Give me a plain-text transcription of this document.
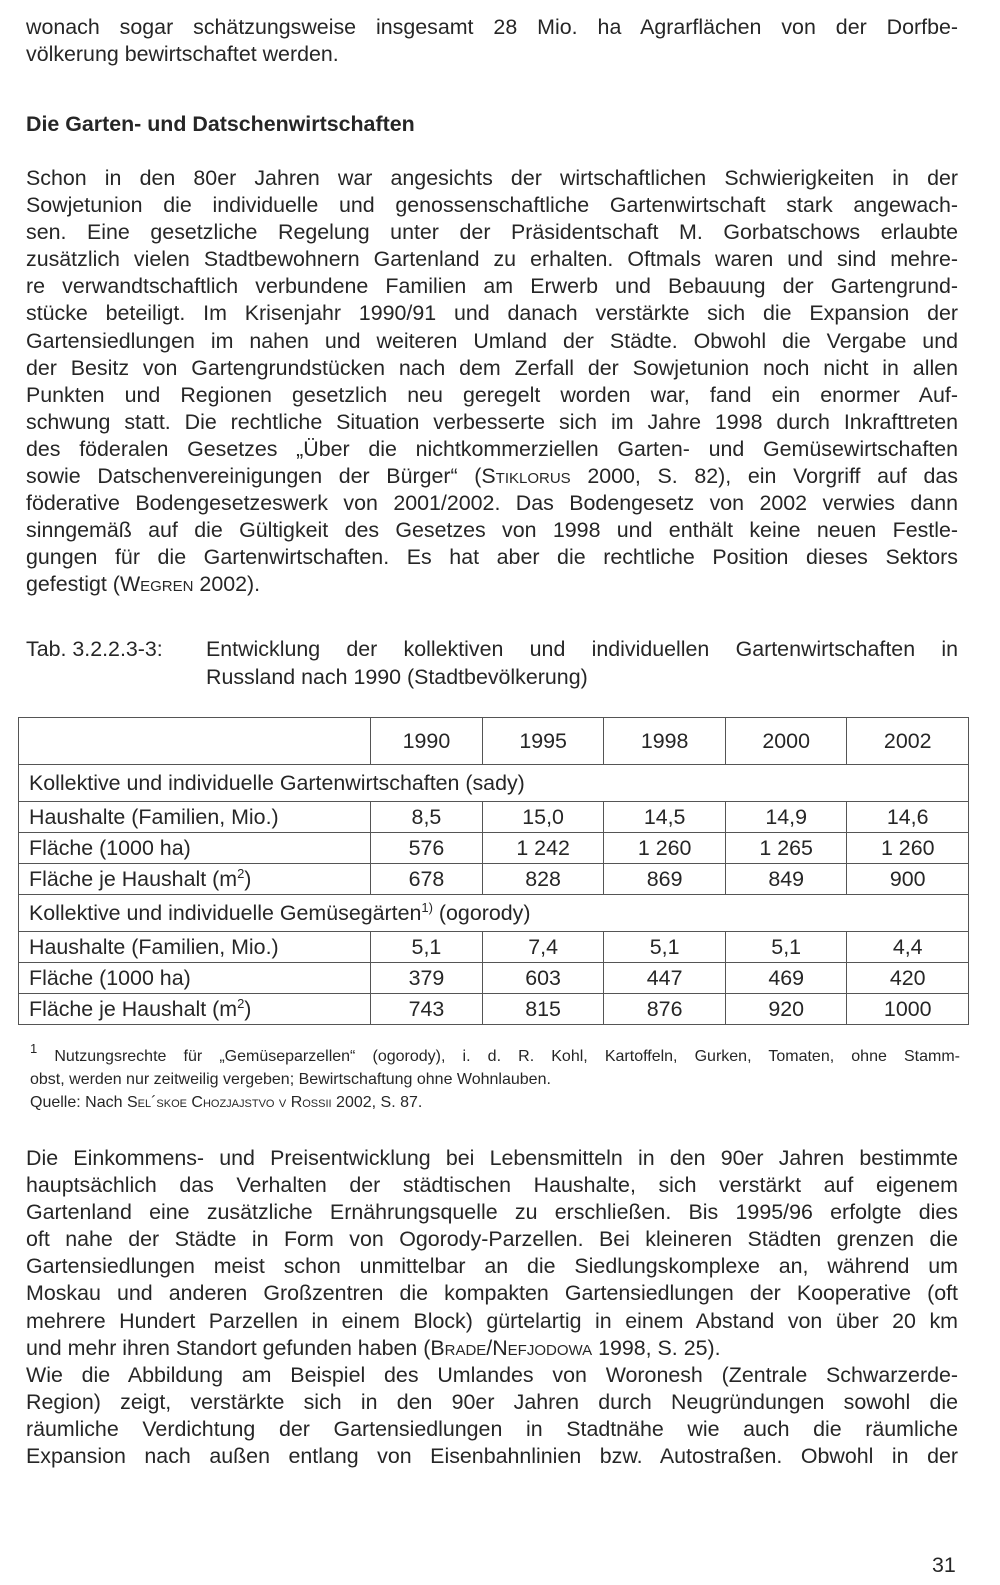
wonach sogar schätzungsweise insgesamt 28 Mio. ha Agrarflächen von der Dorfbe-
völkerung bewirtschaftet werden.
Die Garten- und Datschenwirtschaften
Schon in den 80er Jahren war angesichts der wirtschaftlichen Schwierigkeiten in der
Sowjetunion die individuelle und genossenschaftliche Gartenwirtschaft stark angewach-
sen. Eine gesetzliche Regelung unter der Präsidentschaft M. Gorbatschows erlaubte
zusätzlich vielen Stadtbewohnern Gartenland zu erhalten. Oftmals waren und sind mehre-
re verwandtschaftlich verbundene Familien am Erwerb und Bebauung der Gartengrund-
stücke beteiligt. Im Krisenjahr 1990/91 und danach verstärkte sich die Expansion der
Gartensiedlungen im nahen und weiteren Umland der Städte. Obwohl die Vergabe und
der Besitz von Gartengrundstücken nach dem Zerfall der Sowjetunion noch nicht in allen
Punkten und Regionen gesetzlich neu geregelt worden war, fand ein enormer Auf-
schwung statt. Die rechtliche Situation verbesserte sich im Jahre 1998 durch Inkrafttreten
des föderalen Gesetzes „Über die nichtkommerziellen Garten- und Gemüsewirtschaften
sowie Datschenvereinigungen der Bürger“ (Stiklorus 2000, S. 82), ein Vorgriff auf das
föderative Bodengesetzeswerk von 2001/2002. Das Bodengesetz von 2002 verwies dann
sinngemäß auf die Gültigkeit des Gesetzes von 1998 und enthält keine neuen Festle-
gungen für die Gartenwirtschaften. Es hat aber die rechtliche Position dieses Sektors
gefestigt (Wegren 2002).
Tab. 3.2.2.3-3: Entwicklung der kollektiven und individuellen Gartenwirtschaften in
Russland nach 1990 (Stadtbevölkerung)
	1990	1995	1998	2000	2002
Kollektive und individuelle Gartenwirtschaften (sady)					
Haushalte (Familien, Mio.)	8,5	15,0	14,5	14,9	14,6
Fläche (1000 ha)	576	1 242	1 260	1 265	1 260
Fläche je Haushalt $(m^2)$	678	828	869	849	900
Kollektive und individuelle Gemüsegärten$^{1)}$ (ogorody)					
Haushalte (Familien, Mio.)	5,1	7,4	5,1	5,1	4,4
Fläche (1000 ha)	379	603	447	469	420
Fläche je Haushalt $(m^2)$	743	815	876	920	1000
$^1$ Nutzungsrechte für „Gemüseparzellen“ (ogorody), i. d. R. Kohl, Kartoffeln, Gurken, Tomaten, ohne Stamm-
obst, werden nur zeitweilig vergeben; Bewirtschaftung ohne Wohnlauben.
Quelle: Nach Sel´skoe Chozjajstvo v Rossii 2002, S. 87.
Die Einkommens- und Preisentwicklung bei Lebensmitteln in den 90er Jahren bestimmte
hauptsächlich das Verhalten der städtischen Haushalte, sich verstärkt auf eigenem
Gartenland eine zusätzliche Ernährungsquelle zu erschließen. Bis 1995/96 erfolgte dies
oft nahe der Städte in Form von Ogorody-Parzellen. Bei kleineren Städten grenzen die
Gartensiedlungen meist schon unmittelbar an die Siedlungskomplexe an, während um
Moskau und anderen Großzentren die kompakten Gartensiedlungen der Kooperative (oft
mehrere Hundert Parzellen in einem Block) gürtelartig in einem Abstand von über 20 km
und mehr ihren Standort gefunden haben (Brade/Nefjodowa 1998, S. 25).
Wie die Abbildung am Beispiel des Umlandes von Woronesh (Zentrale Schwarzerde-
Region) zeigt, verstärkte sich in den 90er Jahren durch Neugründungen sowohl die
räumliche Verdichtung der Gartensiedlungen in Stadtnähe wie auch die räumliche
Expansion nach außen entlang von Eisenbahnlinien bzw. Autostraßen. Obwohl in der
31
